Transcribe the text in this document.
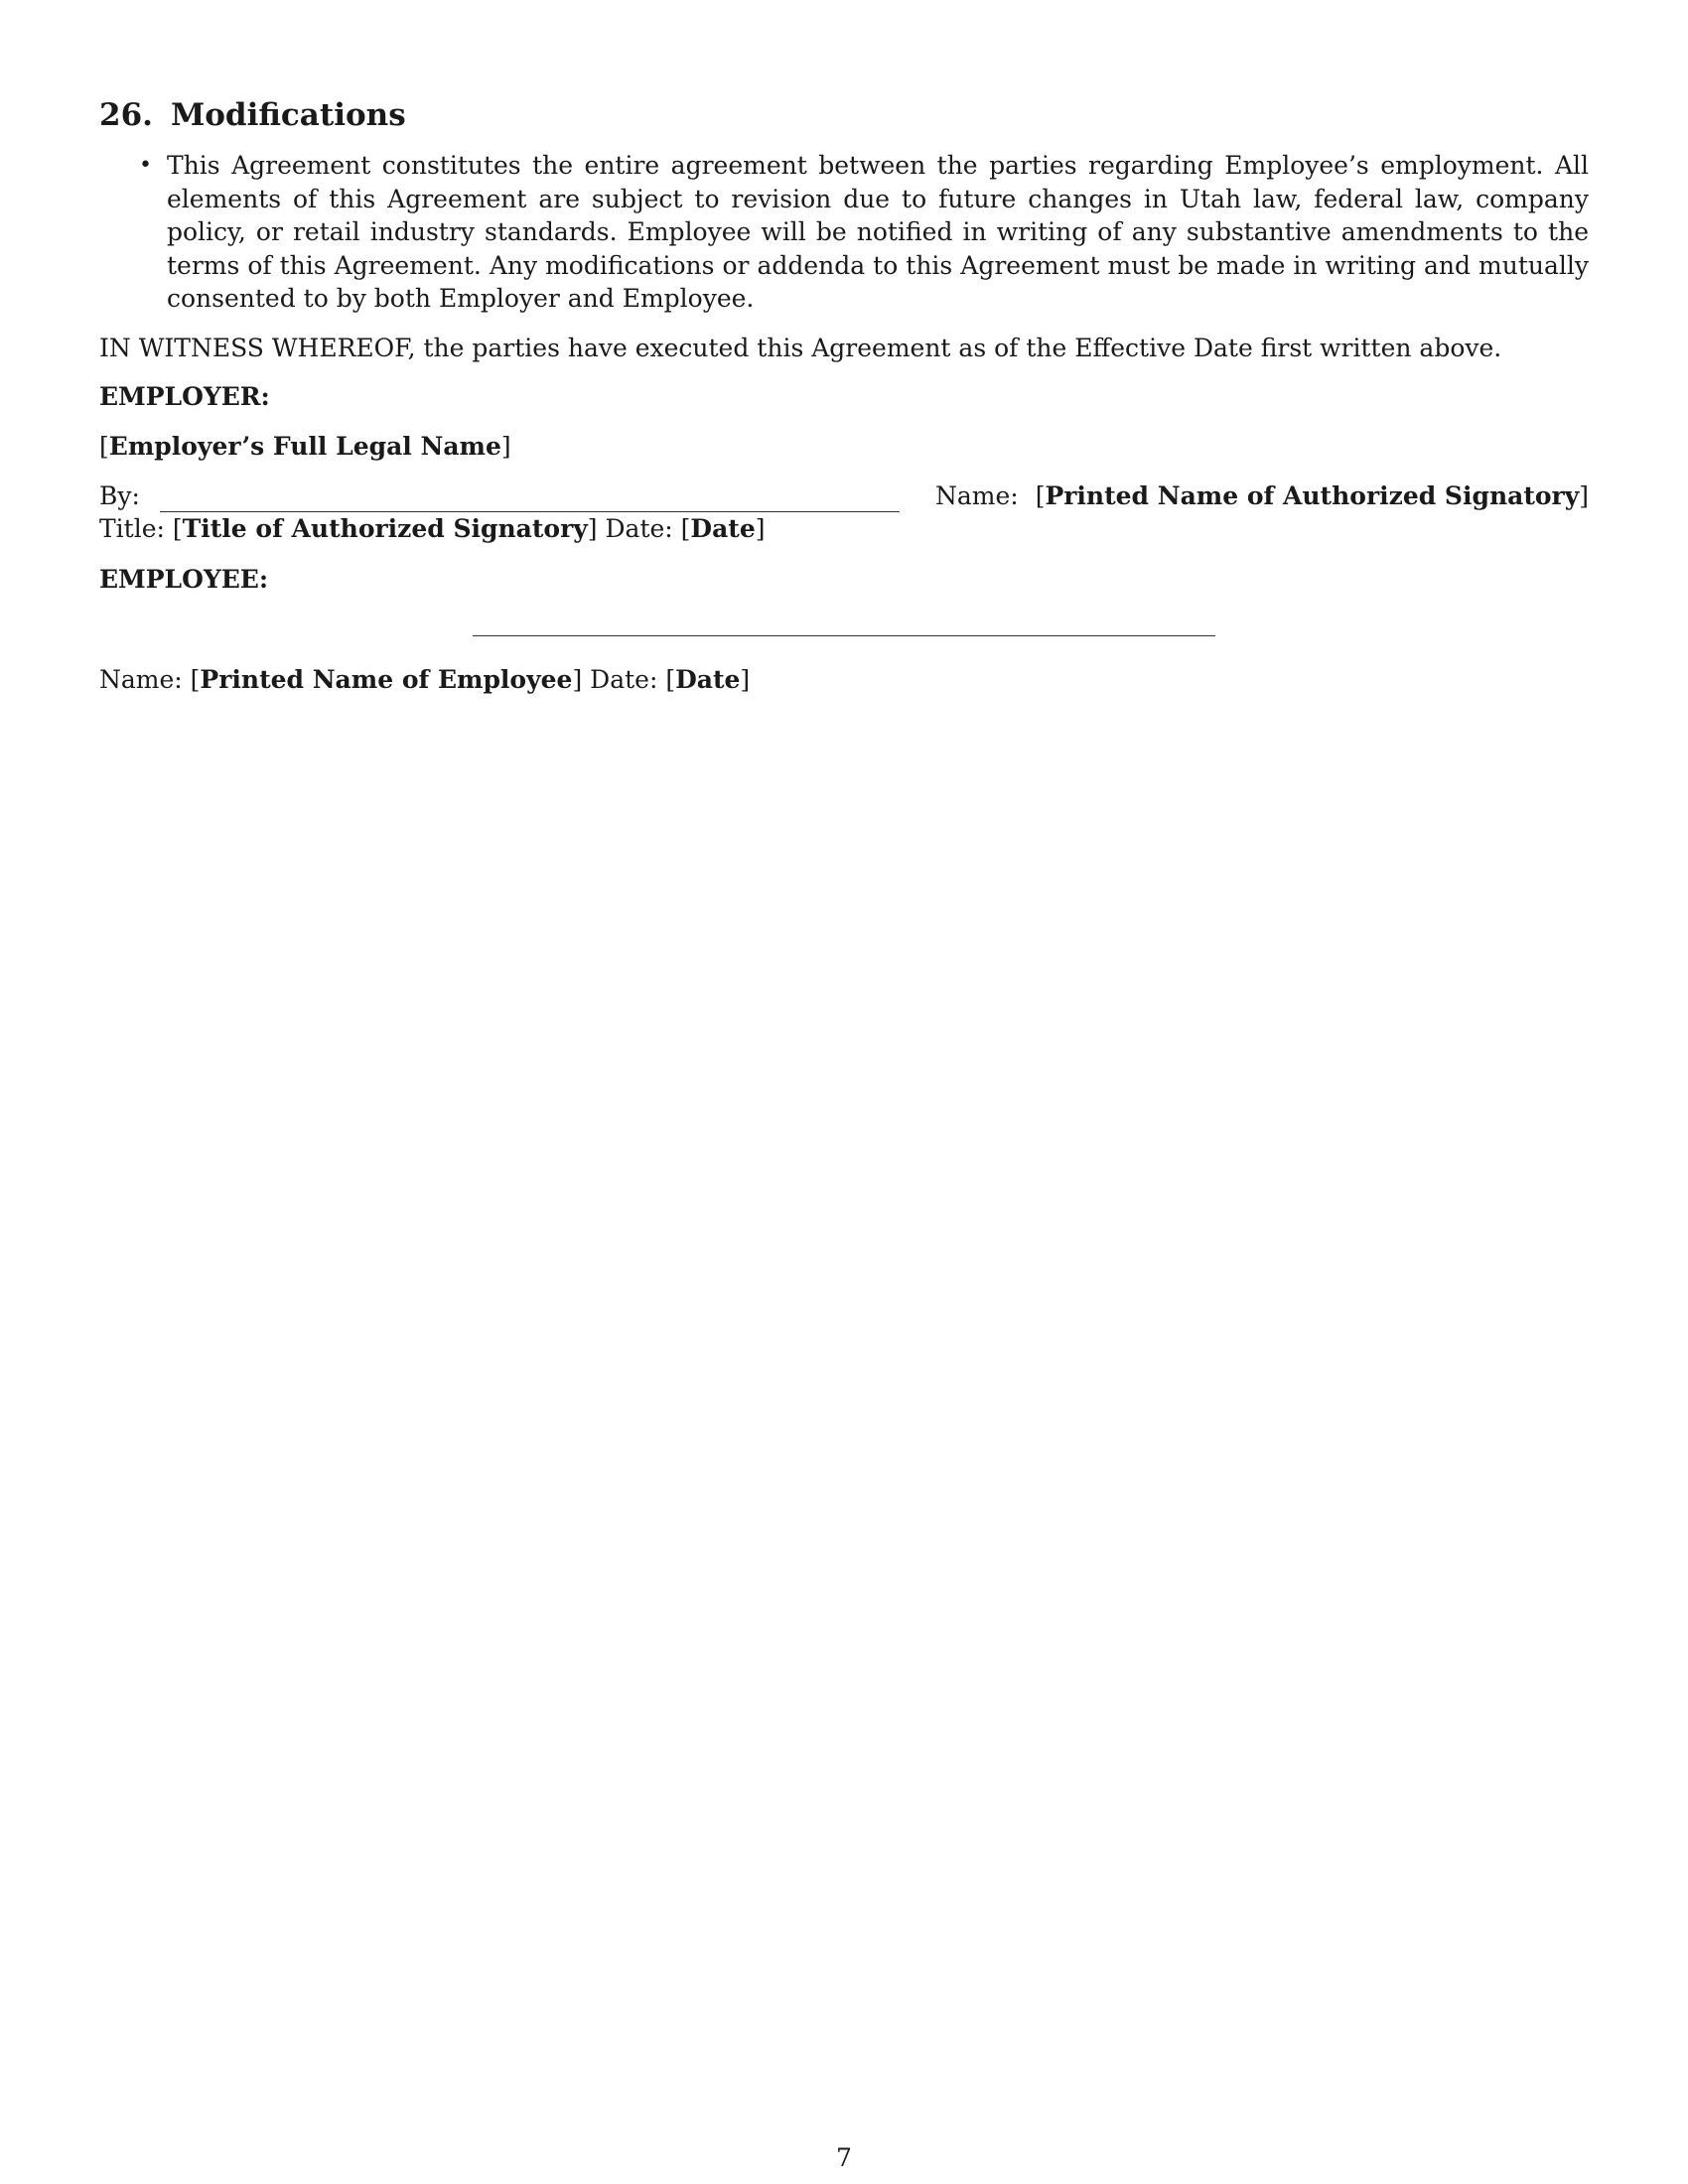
26. Modifications
• This Agreement constitutes the entire agreement between the parties regarding Employee’s employment. All elements of this Agreement are subject to revision due to future changes in Utah law, federal law, company policy, or retail industry standards. Employee will be notified in writing of any substantive amendments to the terms of this Agreement. Any modifications or addenda to this Agreement must be made in writing and mutually consented to by both Employer and Employee.

IN WITNESS WHEREOF, the parties have executed this Agreement as of the Effective Date first written above.

EMPLOYER:

[Employer’s Full Legal Name]

By:	Name: [Printed Name of Authorized Signatory]

Title: [Title of Authorized Signatory] Date: [Date]

EMPLOYEE:

Name: [Printed Name of Employee] Date: [Date]

7
